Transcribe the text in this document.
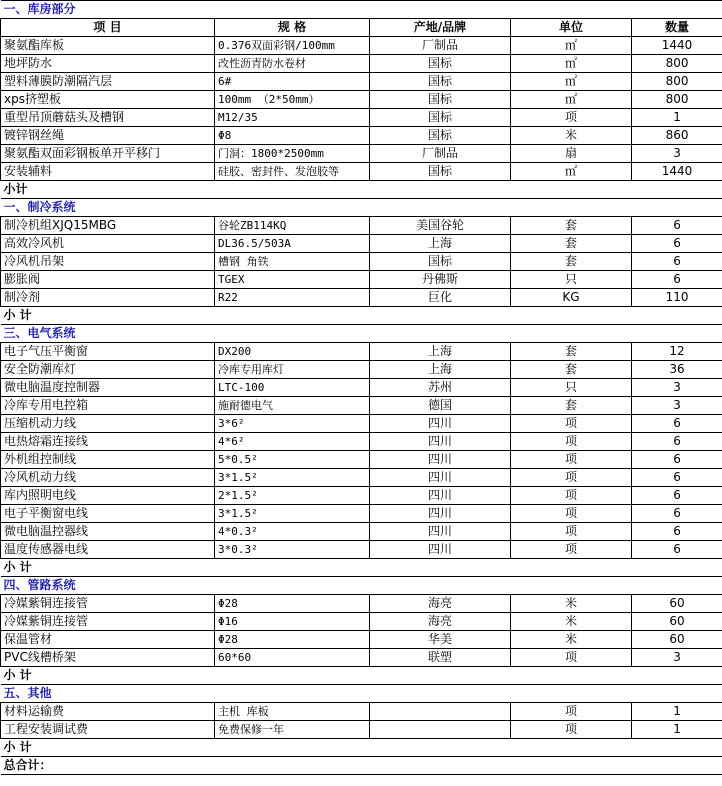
一、库房部分				
项 目	规 格	产地/品牌	单位	数量
聚氨酯库板	0.376双面彩钢/100mm	厂制品	㎡	1440
地坪防水	改性沥青防水卷材	国标	㎡	800
塑料薄膜防潮隔汽层	6#	国标	㎡	800
xps挤塑板	100mm （2*50mm）	国标	㎡	800
重型吊顶蘑菇头及槽钢	M12/35	国标	项	1
镀锌钢丝绳	Φ8	国标	米	860
聚氨酯双面彩钢板单开平移门	门洞：1800*2500mm	厂制品	扇	3
安装辅料	硅胶、密封件、发泡胶等	国标	㎡	1440
小计				
一、制冷系统				
制冷机组XJQ15MBG	谷轮ZB114KQ	美国谷轮	套	6
高效冷风机	DL36.5/503A	上海	套	6
冷风机吊架	槽钢 角铁	国标	套	6
膨胀阀	TGEX	丹佛斯	只	6
制冷剂	R22	巨化	KG	110
小 计				
三、电气系统				
电子气压平衡窗	DX200	上海	套	12
安全防潮库灯	冷库专用库灯	上海	套	36
微电脑温度控制器	LTC-100	苏州	只	3
冷库专用电控箱	施耐德电气	德国	套	3
压缩机动力线	3*6²	四川	项	6
电热熔霜连接线	4*6²	四川	项	6
外机组控制线	5*0.5²	四川	项	6
冷风机动力线	3*1.5²	四川	项	6
库内照明电线	2*1.5²	四川	项	6
电子平衡窗电线	3*1.5²	四川	项	6
微电脑温控器线	4*0.3²	四川	项	6
温度传感器电线	3*0.3²	四川	项	6
小 计				
四、管路系统				
冷媒紫铜连接管	Φ28	海亮	米	60
冷媒紫铜连接管	Φ16	海亮	米	60
保温管材	Φ28	华美	米	60
PVC线槽桥架	60*60	联塑	项	3
小 计				
五、其他				
材料运输费	主机 库板		项	1
工程安装调试费	免费保修一年		项	1
小 计				
总合计：				
